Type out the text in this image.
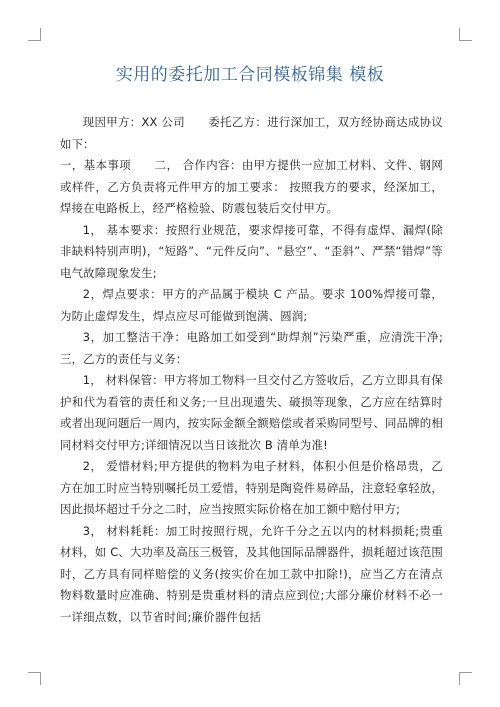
实用的委托加工合同模板锦集 模板

现因甲方：XX 公司　　委托乙方：进行深加工，双方经协商达成协议如下：

一，基本事项　　二， 合作内容：由甲方提供一应加工材料、文件、钢网或样件，乙方负责将元件甲方的加工要求： 按照我方的要求，经深加工，焊接在电路板上，经严格检验、防震包装后交付甲方。

1， 基本要求：按照行业规范，要求焊接可靠，不得有虚焊、漏焊(除非缺料特别声明)，“短路”、“元件反向”、“悬空”、“歪斜”、严禁“错焊”等电气故障现象发生;

2，焊点要求：甲方的产品属于模块 C 产品。要求 100%焊接可靠，为防止虚焊发生，焊点应尽可能做到饱满、圆润;

3，加工整洁干净：电路加工如受到“助焊剂”污染严重，应清洗干净; 三，乙方的责任与义务：

1， 材料保管：甲方将加工物料一旦交付乙方签收后，乙方立即具有保护和代为看管的责任和义务;一旦出现遗失、破损等现象，乙方应在结算时或者出现问题后一周内，按实际金额全额赔偿或者采购同型号、同品牌的相同材料交付甲方;详细情况以当日该批次 B 清单为准!

2， 爱惜材料;甲方提供的物料为电子材料，体积小但是价格昂贵，乙方在加工时应当特别嘱托员工爱惜，特别是陶瓷件易碎品，注意轻拿轻放，因此损坏超过千分之二时，应当按照实际价格在加工额中赔付甲方;

3， 材料耗耗：加工时按照行规，允许千分之五以内的材料损耗;贵重材料，如 C、大功率及高压三极管，及其他国际品牌器件，损耗超过该范围时，乙方具有同样赔偿的义务(按实价在加工款中扣除!)，应当乙方在清点物料数量时应准确、特别是贵重材料的清点应到位;大部分廉价材料不必一一详细点数，以节省时间;廉价器件包括
